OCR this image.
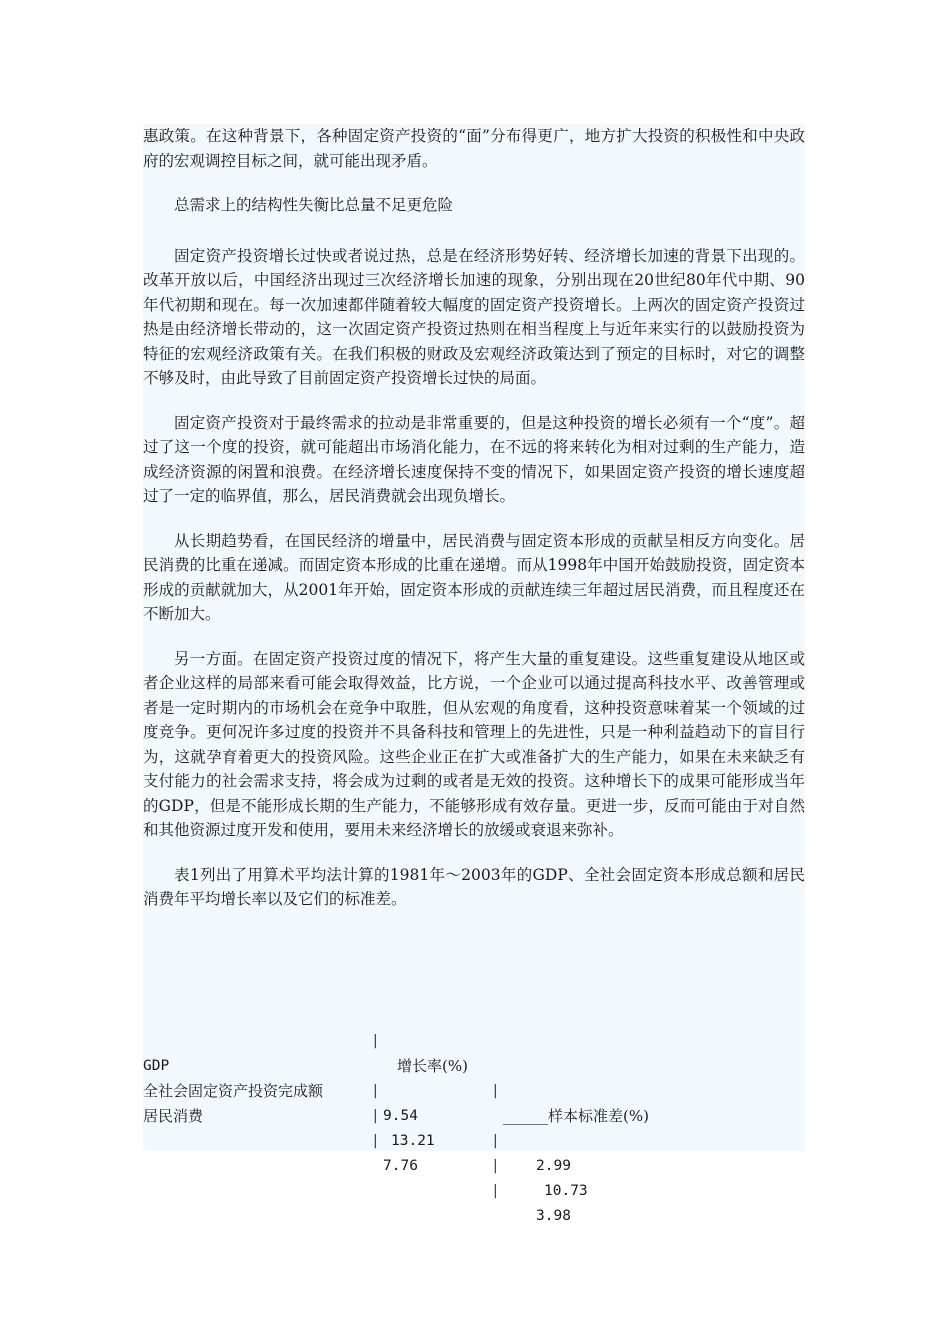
惠政策。在这种背景下，各种固定资产投资的“面”分布得更广，地方扩大投资的积极性和中央政府的宏观调控目标之间，就可能出现矛盾。

总需求上的结构性失衡比总量不足更危险

固定资产投资增长过快或者说过热，总是在经济形势好转、经济增长加速的背景下出现的。改革开放以后，中国经济出现过三次经济增长加速的现象，分别出现在20世纪80年代中期、90年代初期和现在。每一次加速都伴随着较大幅度的固定资产投资增长。上两次的固定资产投资过热是由经济增长带动的，这一次固定资产投资过热则在相当程度上与近年来实行的以鼓励投资为特征的宏观经济政策有关。在我们积极的财政及宏观经济政策达到了预定的目标时，对它的调整不够及时，由此导致了目前固定资产投资增长过快的局面。

固定资产投资对于最终需求的拉动是非常重要的，但是这种投资的增长必须有一个“度”。超过了这一个度的投资，就可能超出市场消化能力，在不远的将来转化为相对过剩的生产能力，造成经济资源的闲置和浪费。在经济增长速度保持不变的情况下，如果固定资产投资的增长速度超过了一定的临界值，那么，居民消费就会出现负增长。

从长期趋势看，在国民经济的增量中，居民消费与固定资本形成的贡献呈相反方向变化。居民消费的比重在递减。而固定资本形成的比重在递增。而从1998年中国开始鼓励投资，固定资本形成的贡献就加大，从2001年开始，固定资本形成的贡献连续三年超过居民消费，而且程度还在不断加大。

另一方面。在固定资产投资过度的情况下，将产生大量的重复建设。这些重复建设从地区或者企业这样的局部来看可能会取得效益，比方说，一个企业可以通过提高科技水平、改善管理或者是一定时期内的市场机会在竞争中取胜，但从宏观的角度看，这种投资意味着某一个领域的过度竞争。更何况许多过度的投资并不具备科技和管理上的先进性，只是一种利益趋动下的盲目行为，这就孕育着更大的投资风险。这些企业正在扩大或准备扩大的生产能力，如果在未来缺乏有支付能力的社会需求支持，将会成为过剩的或者是无效的投资。这种增长下的成果可能形成当年的GDP，但是不能形成长期的生产能力，不能够形成有效存量。更进一步，反而可能由于对自然和其他资源过度开发和使用，要用未来经济增长的放缓或衰退来弥补。

表1列出了用算术平均法计算的1981年～2003年的GDP、全社会固定资本形成总额和居民消费年平均增长率以及它们的标准差。

|

增长率(%)

|

______样本标准差(%)

GDP

|

9.54

|

2.99

全社会固定资产投资完成额

|

13.21

|

10.73

居民消费

|

7.76

|

3.98
